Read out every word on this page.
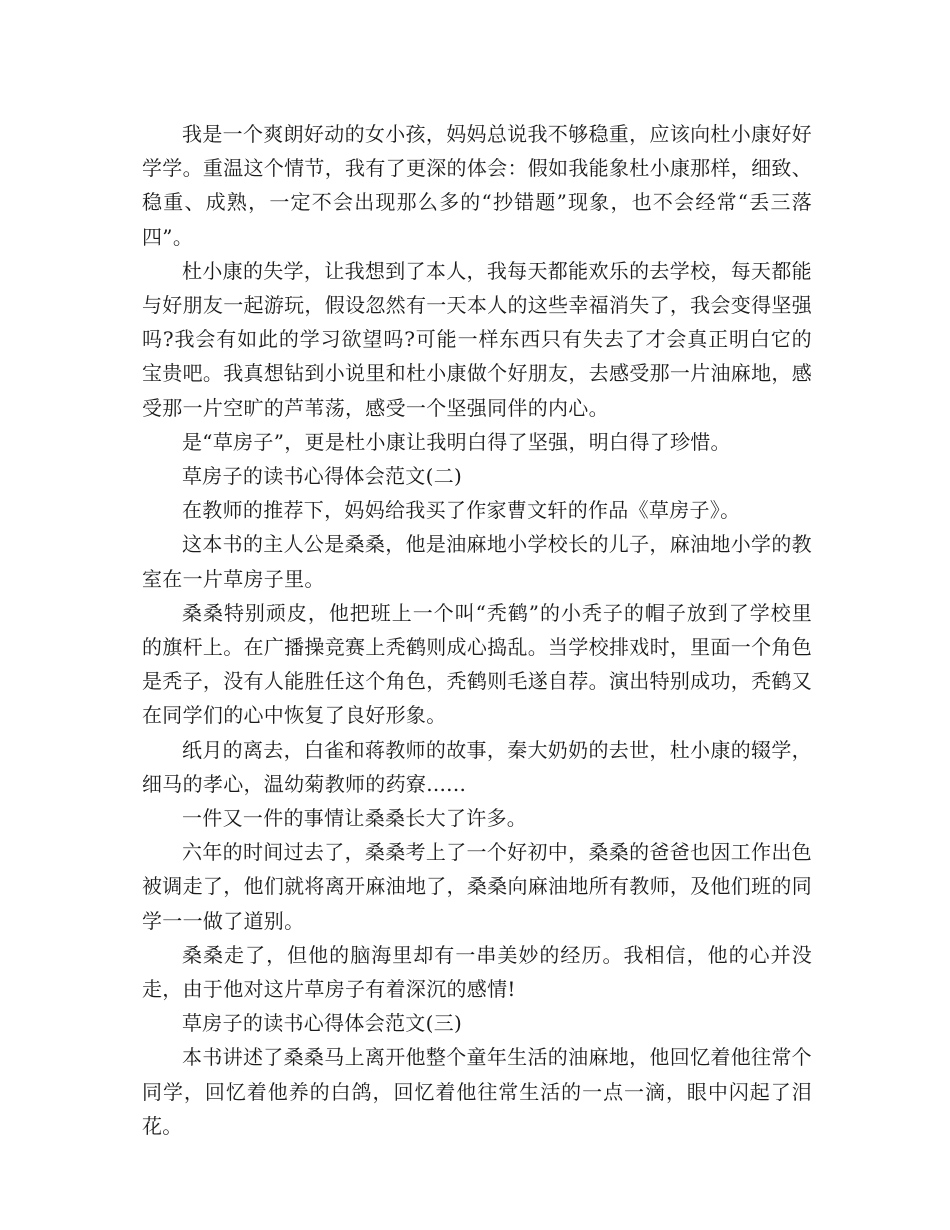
我是一个爽朗好动的女小孩，妈妈总说我不够稳重，应该向杜小康好好学学。重温这个情节，我有了更深的体会：假如我能象杜小康那样，细致、稳重、成熟，一定不会出现那么多的“抄错题”现象，也不会经常“丢三落四”。

杜小康的失学，让我想到了本人，我每天都能欢乐的去学校，每天都能与好朋友一起游玩，假设忽然有一天本人的这些幸福消失了，我会变得坚强吗?我会有如此的学习欲望吗?可能一样东西只有失去了才会真正明白它的宝贵吧。我真想钻到小说里和杜小康做个好朋友，去感受那一片油麻地，感受那一片空旷的芦苇荡，感受一个坚强同伴的内心。

是“草房子”，更是杜小康让我明白得了坚强，明白得了珍惜。

草房子的读书心得体会范文(二)

在教师的推荐下，妈妈给我买了作家曹文轩的作品《草房子》。

这本书的主人公是桑桑，他是油麻地小学校长的儿子，麻油地小学的教室在一片草房子里。

桑桑特别顽皮，他把班上一个叫“秃鹤”的小秃子的帽子放到了学校里的旗杆上。在广播操竞赛上秃鹤则成心捣乱。当学校排戏时，里面一个角色是秃子，没有人能胜任这个角色，秃鹤则毛遂自荐。演出特别成功，秃鹤又在同学们的心中恢复了良好形象。

纸月的离去，白雀和蒋教师的故事，秦大奶奶的去世，杜小康的辍学，细马的孝心，温幼菊教师的药寮......

一件又一件的事情让桑桑长大了许多。

六年的时间过去了，桑桑考上了一个好初中，桑桑的爸爸也因工作出色被调走了，他们就将离开麻油地了，桑桑向麻油地所有教师，及他们班的同学一一做了道别。

桑桑走了，但他的脑海里却有一串美妙的经历。我相信，他的心并没走，由于他对这片草房子有着深沉的感情!

草房子的读书心得体会范文(三)

本书讲述了桑桑马上离开他整个童年生活的油麻地，他回忆着他往常个同学，回忆着他养的白鸽，回忆着他往常生活的一点一滴，眼中闪起了泪花。
